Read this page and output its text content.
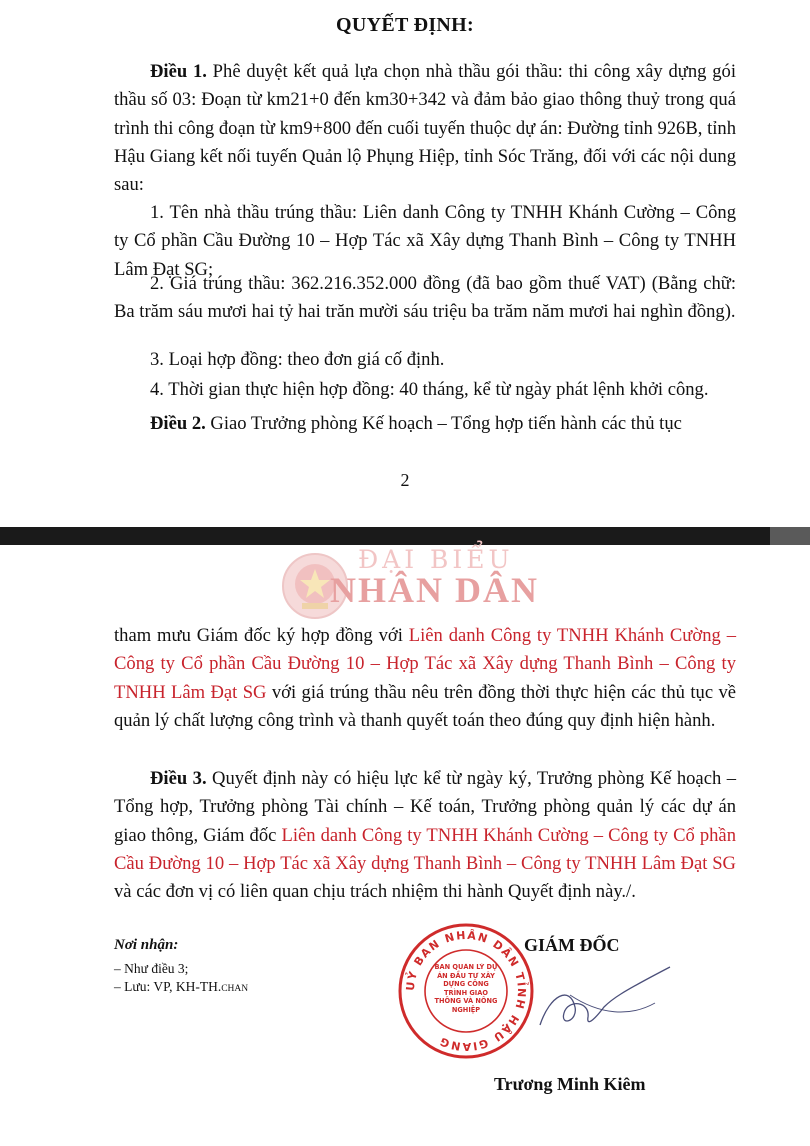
QUYẾT ĐỊNH:

Điều 1. Phê duyệt kết quả lựa chọn nhà thầu gói thầu: thi công xây dựng gói thầu số 03: Đoạn từ km21+0 đến km30+342 và đảm bảo giao thông thuỷ trong quá trình thi công đoạn từ km9+800 đến cuối tuyến thuộc dự án: Đường tỉnh 926B, tỉnh Hậu Giang kết nối tuyến Quản lộ Phụng Hiệp, tỉnh Sóc Trăng, đối với các nội dung sau:

1. Tên nhà thầu trúng thầu: Liên danh Công ty TNHH Khánh Cường – Công ty Cổ phần Cầu Đường 10 – Hợp Tác xã Xây dựng Thanh Bình – Công ty TNHH Lâm Đạt SG;

2. Giá trúng thầu: 362.216.352.000 đồng (đã bao gồm thuế VAT) (Bằng chữ: Ba trăm sáu mươi hai tỷ hai trăn mười sáu triệu ba trăm năm mươi hai nghìn đồng).

3. Loại hợp đồng: theo đơn giá cố định.

4. Thời gian thực hiện hợp đồng: 40 tháng, kể từ ngày phát lệnh khởi công.

Điều 2. Giao Trưởng phòng Kế hoạch – Tổng hợp tiến hành các thủ tục

2
ĐẠI BIỂU
NHÂN DÂN

tham mưu Giám đốc ký hợp đồng với Liên danh Công ty TNHH Khánh Cường – Công ty Cổ phần Cầu Đường 10 – Hợp Tác xã Xây dựng Thanh Bình – Công ty TNHH Lâm Đạt SG với giá trúng thầu nêu trên đồng thời thực hiện các thủ tục về quản lý chất lượng công trình và thanh quyết toán theo đúng quy định hiện hành.

Điều 3. Quyết định này có hiệu lực kể từ ngày ký, Trưởng phòng Kế hoạch – Tổng hợp, Trưởng phòng Tài chính – Kế toán, Trưởng phòng quản lý các dự án giao thông, Giám đốc Liên danh Công ty TNHH Khánh Cường – Công ty Cổ phần Cầu Đường 10 – Hợp Tác xã Xây dựng Thanh Bình – Công ty TNHH Lâm Đạt SG và các đơn vị có liên quan chịu trách nhiệm thi hành Quyết định này./.

Nơi nhận:
– Như điều 3;
– Lưu: VP, KH-TH.CHAN	UỶ BAN NHÂN DÂN TỈNH HẬU GIANG
BAN QUẢN LÝ DỰ ÁN ĐẦU TƯ XÂY DỰNG CÔNG TRÌNH GIAO THÔNG VÀ NÔNG NGHIỆP
GIÁM ĐỐC
Trương Minh Kiêm
